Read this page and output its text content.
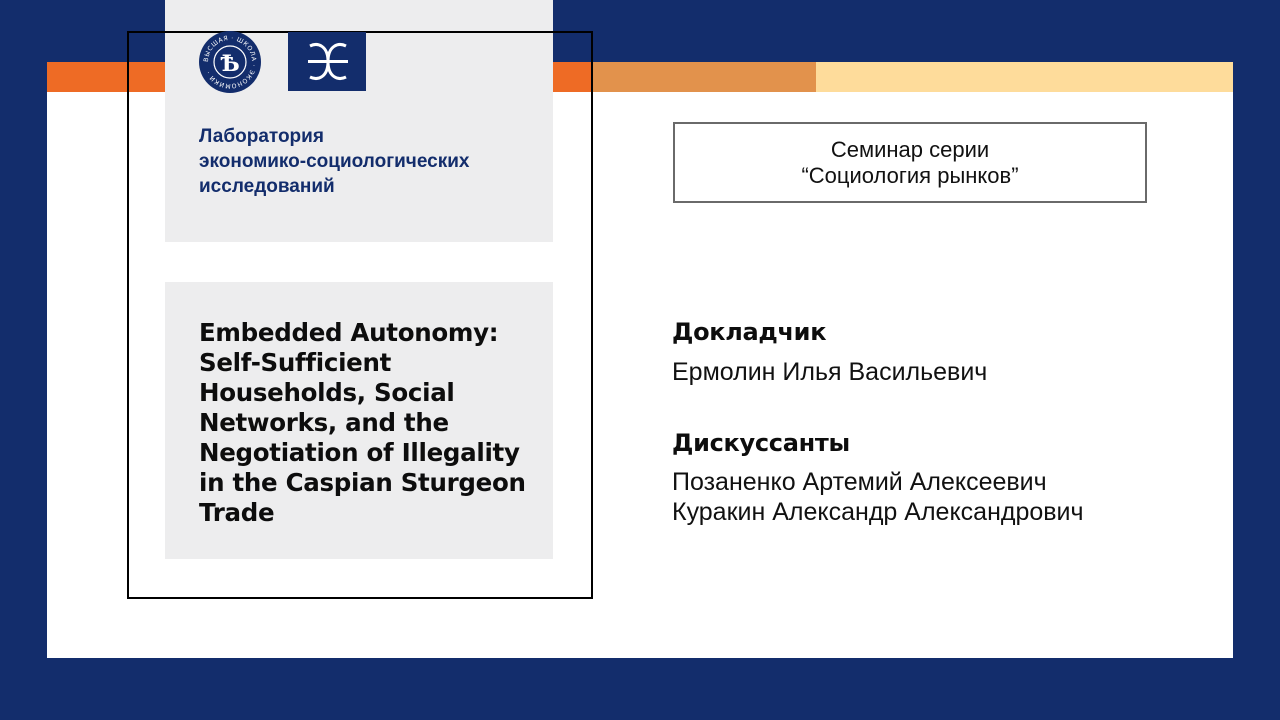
ВЫСШАЯ · ШКОЛА · ЭКОНОМИКИ · Ѣ
Лаборатория
экономико-социологических
исследований
Embedded Autonomy:
Self-Sufficient
Households, Social
Networks, and the
Negotiation of Illegality
in the Caspian Sturgeon
Trade
Семинар серии
“Социология рынков”
Докладчик
Ермолин Илья Васильевич
Дискуссанты
Позаненко Артемий Алексеевич
Куракин Александр Александрович
